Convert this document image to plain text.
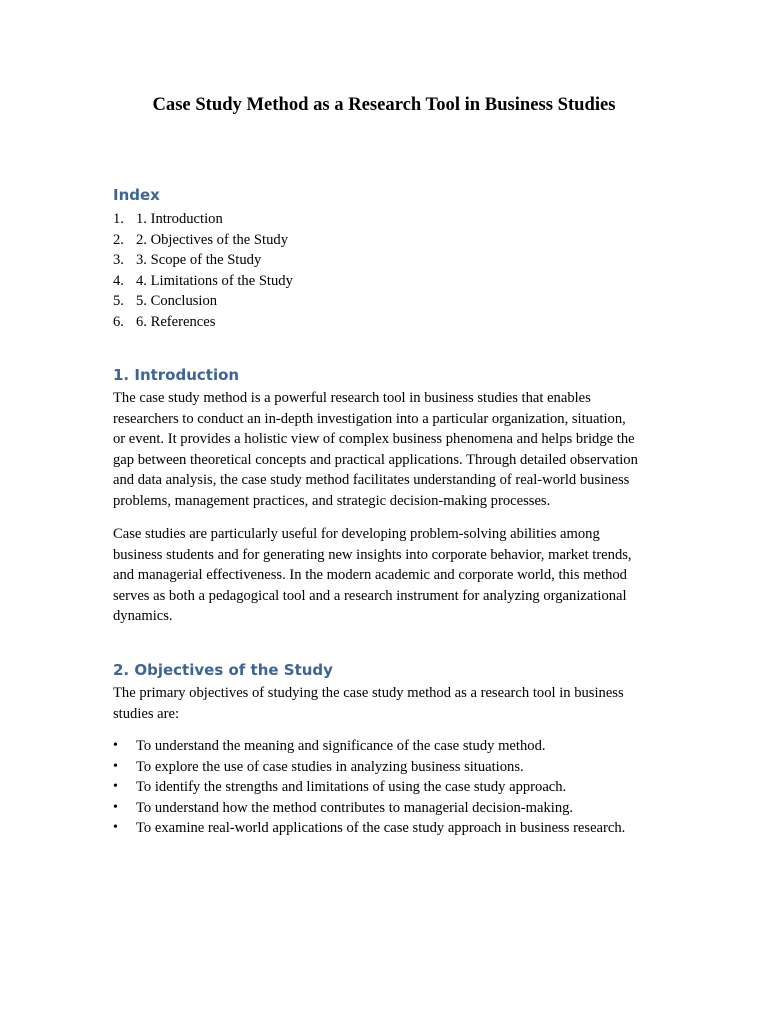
Case Study Method as a Research Tool in Business Studies
Index
1. 1. Introduction
2. 2. Objectives of the Study
3. 3. Scope of the Study
4. 4. Limitations of the Study
5. 5. Conclusion
6. 6. References
1. Introduction

The case study method is a powerful research tool in business studies that enables
researchers to conduct an in-depth investigation into a particular organization, situation,
or event. It provides a holistic view of complex business phenomena and helps bridge the
gap between theoretical concepts and practical applications. Through detailed observation
and data analysis, the case study method facilitates understanding of real-world business
problems, management practices, and strategic decision-making processes.

Case studies are particularly useful for developing problem-solving abilities among
business students and for generating new insights into corporate behavior, market trends,
and managerial effectiveness. In the modern academic and corporate world, this method
serves as both a pedagogical tool and a research instrument for analyzing organizational
dynamics.

2. Objectives of the Study

The primary objectives of studying the case study method as a research tool in business
studies are:

• To understand the meaning and significance of the case study method.
• To explore the use of case studies in analyzing business situations.
• To identify the strengths and limitations of using the case study approach.
• To understand how the method contributes to managerial decision-making.
• To examine real-world applications of the case study approach in business research.
